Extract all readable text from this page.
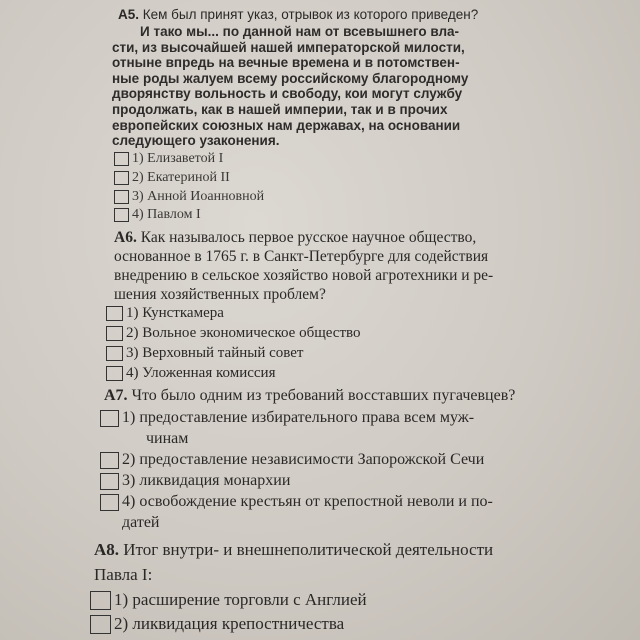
А5. Кем был принят указ, отрывок из которого приведен?
И тако мы... по данной нам от всевышнего вла-
сти, из высочайшей нашей императорской милости,
отныне впредь на вечные времена и в потомствен-
ные роды жалуем всему российскому благородному
дворянству вольность и свободу, кои могут службу
продолжать, как в нашей империи, так и в прочих
европейских союзных нам державах, на основании
следующего узаконения.
1) Елизаветой I
2) Екатериной II
3) Анной Иоанновной
4) Павлом I
А6. Как называлось первое русское научное общество,
основанное в 1765 г. в Санкт-Петербурге для содействия
внедрению в сельское хозяйство новой агротехники и ре-
шения хозяйственных проблем?
1) Кунсткамера
2) Вольное экономическое общество
3) Верховный тайный совет
4) Уложенная комиссия
А7. Что было одним из требований восставших пугачевцев?
1) предоставление избирательного права всем муж-
чинам
2) предоставление независимости Запорожской Сечи
3) ликвидация монархии
4) освобождение крестьян от крепостной неволи и по-
датей
А8. Итог внутри- и внешнеполитической деятельности
Павла I:
1) расширение торговли с Англией
2) ликвидация крепостничества
